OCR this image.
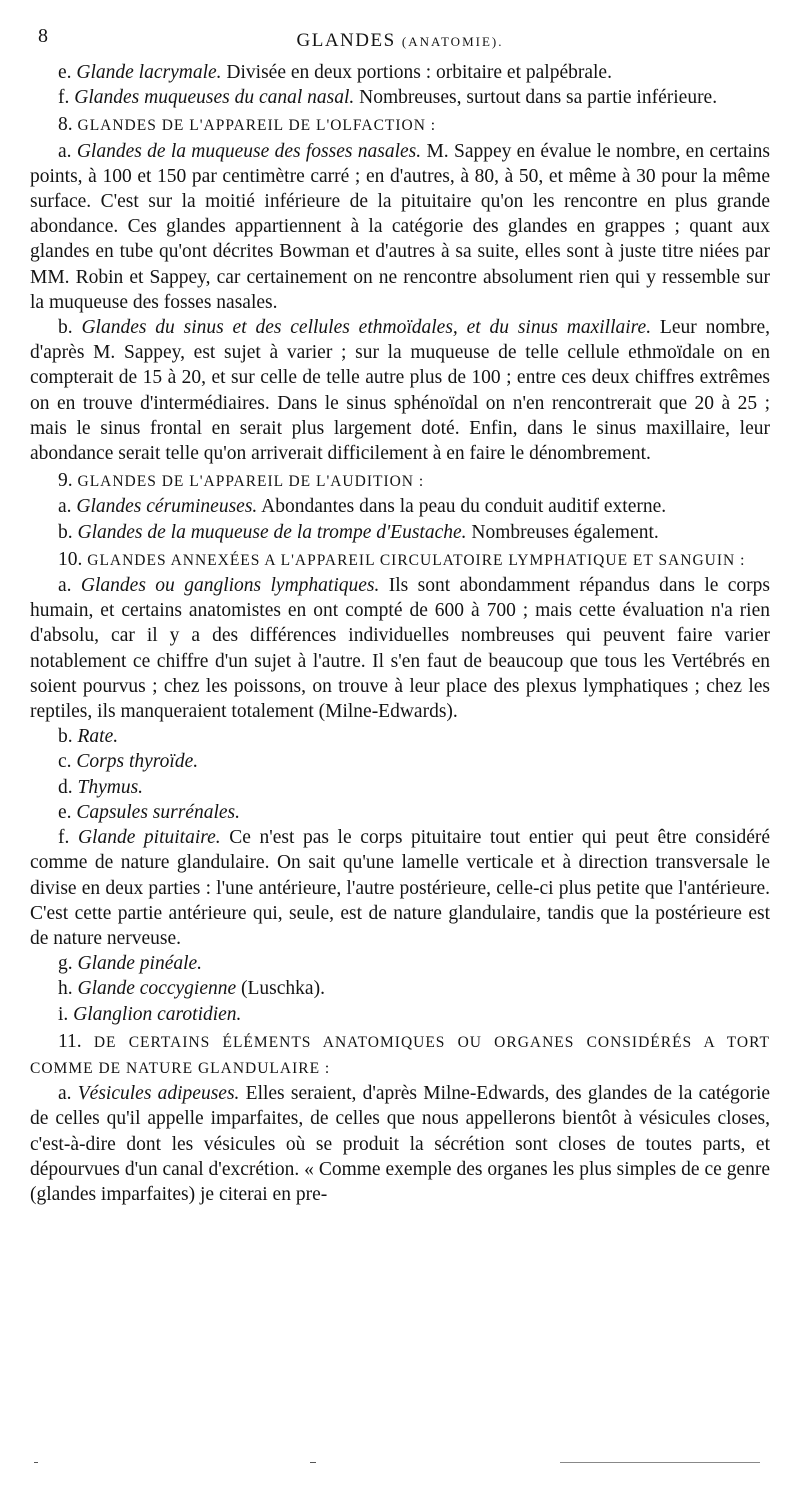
8	GLANDES (ANATOMIE).

e. Glande lacrymale. Divisée en deux portions : orbitaire et palpébrale.

f. Glandes muqueuses du canal nasal. Nombreuses, surtout dans sa partie inférieure.

8. GLANDES DE L'APPAREIL DE L'OLFACTION :

a. Glandes de la muqueuse des fosses nasales. M. Sappey en évalue le nombre, en certains points, à 100 et 150 par centimètre carré ; en d'autres, à 80, à 50, et même à 30 pour la même surface. C'est sur la moitié inférieure de la pituitaire qu'on les rencontre en plus grande abondance. Ces glandes appartiennent à la catégorie des glandes en grappes ; quant aux glandes en tube qu'ont décrites Bowman et d'autres à sa suite, elles sont à juste titre niées par MM. Robin et Sappey, car certainement on ne rencontre absolument rien qui y ressemble sur la muqueuse des fosses nasales.

b. Glandes du sinus et des cellules ethmoïdales, et du sinus maxillaire. Leur nombre, d'après M. Sappey, est sujet à varier ; sur la muqueuse de telle cellule ethmoïdale on en compterait de 15 à 20, et sur celle de telle autre plus de 100 ; entre ces deux chiffres extrêmes on en trouve d'intermédiaires. Dans le sinus sphénoïdal on n'en rencontrerait que 20 à 25 ; mais le sinus frontal en serait plus largement doté. Enfin, dans le sinus maxillaire, leur abondance serait telle qu'on arriverait difficilement à en faire le dénombrement.

9. GLANDES DE L'APPAREIL DE L'AUDITION :

a. Glandes cérumineuses. Abondantes dans la peau du conduit auditif externe.

b. Glandes de la muqueuse de la trompe d'Eustache. Nombreuses également.

10. GLANDES ANNEXÉES A L'APPAREIL CIRCULATOIRE LYMPHATIQUE ET SANGUIN :

a. Glandes ou ganglions lymphatiques. Ils sont abondamment répandus dans le corps humain, et certains anatomistes en ont compté de 600 à 700 ; mais cette évaluation n'a rien d'absolu, car il y a des différences individuelles nombreuses qui peuvent faire varier notablement ce chiffre d'un sujet à l'autre. Il s'en faut de beaucoup que tous les Vertébrés en soient pourvus ; chez les poissons, on trouve à leur place des plexus lymphatiques ; chez les reptiles, ils manqueraient totalement (Milne-Edwards).

b. Rate.

c. Corps thyroïde.

d. Thymus.

e. Capsules surrénales.

f. Glande pituitaire. Ce n'est pas le corps pituitaire tout entier qui peut être considéré comme de nature glandulaire. On sait qu'une lamelle verticale et à direction transversale le divise en deux parties : l'une antérieure, l'autre postérieure, celle-ci plus petite que l'antérieure. C'est cette partie antérieure qui, seule, est de nature glandulaire, tandis que la postérieure est de nature nerveuse.

g. Glande pinéale.

h. Glande coccygienne (Luschka).

i. Glanglion carotidien.

11. DE CERTAINS ÉLÉMENTS ANATOMIQUES OU ORGANES CONSIDÉRÉS A TORT COMME DE NATURE GLANDULAIRE :

a. Vésicules adipeuses. Elles seraient, d'après Milne-Edwards, des glandes de la catégorie de celles qu'il appelle imparfaites, de celles que nous appellerons bientôt à vésicules closes, c'est-à-dire dont les vésicules où se produit la sécrétion sont closes de toutes parts, et dépourvues d'un canal d'excrétion. « Comme exemple des organes les plus simples de ce genre (glandes imparfaites) je citerai en pre-
